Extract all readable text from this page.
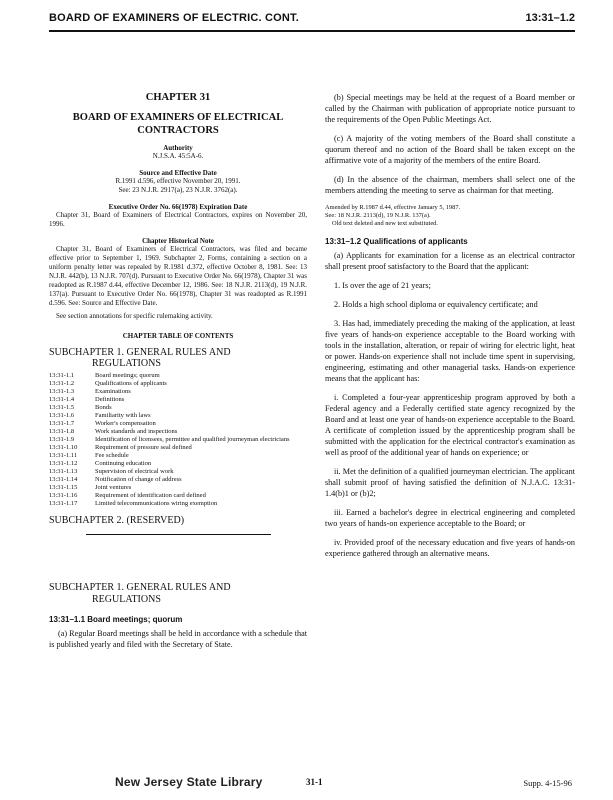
BOARD OF EXAMINERS OF ELECTRIC. CONT.	13:31–1.2

CHAPTER 31

BOARD OF EXAMINERS OF ELECTRICAL
CONTRACTORS

Authority

N.J.S.A. 45:5A-6.

Source and Effective Date

R.1991 d.596, effective November 20, 1991.

See: 23 N.J.R. 2917(a), 23 N.J.R. 3762(a).

Executive Order No. 66(1978) Expiration Date

Chapter 31, Board of Examiners of Electrical Contractors, expires on November 20, 1996.

Chapter Historical Note

Chapter 31, Board of Examiners of Electrical Contractors, was filed and became effective prior to September 1, 1969. Subchapter 2, Forms, containing a section on a uniform penalty letter was repealed by R.1981 d.372, effective October 8, 1981. See: 13 N.J.R. 442(b), 13 N.J.R. 707(d). Pursuant to Executive Order No. 66(1978), Chapter 31 was readopted as R.1987 d.44, effective December 12, 1986. See: 18 N.J.R. 2113(d), 19 N.J.R. 137(a). Pursuant to Executive Order No. 66(1978), Chapter 31 was readopted as R.1991 d.596. See: Source and Effective Date.

See section annotations for specific rulemaking activity.

CHAPTER TABLE OF CONTENTS

SUBCHAPTER 1. GENERAL RULES AND
REGULATIONS

13:31-1.1	Board meetings; quorum
13:31-1.2	Qualifications of applicants
13:31-1.3	Examinations
13:31-1.4	Definitions
13:31-1.5	Bonds
13:31-1.6	Familiarity with laws
13:31-1.7	Worker's compensation
13:31-1.8	Work standards and inspections
13:31-1.9	Identification of licensees, permittee and qualified journeyman electricians
13:31-1.10	Requirement of pressure seal defined
13:31-1.11	Fee schedule
13:31-1.12	Continuing education
13:31-1.13	Supervision of electrical work
13:31-1.14	Notification of change of address
13:31-1.15	Joint ventures
13:31-1.16	Requirement of identification card defined
13:31-1.17	Limited telecommunications wiring exemption

SUBCHAPTER 2. (RESERVED)

SUBCHAPTER 1. GENERAL RULES AND
REGULATIONS

13:31–1.1 Board meetings; quorum

(a) Regular Board meetings shall be held in accordance with a schedule that is published yearly and filed with the Secretary of State.

(b) Special meetings may be held at the request of a Board member or called by the Chairman with publication of appropriate notice pursuant to the requirements of the Open Public Meetings Act.

(c) A majority of the voting members of the Board shall constitute a quorum thereof and no action of the Board shall be taken except on the affirmative vote of a majority of the members of the entire Board.

(d) In the absence of the chairman, members shall select one of the members attending the meeting to serve as chairman for that meeting.

Amended by R.1987 d.44, effective January 5, 1987.
See: 18 N.J.R. 2113(d), 19 N.J.R. 137(a).
Old text deleted and new text substituted.

13:31–1.2 Qualifications of applicants

(a) Applicants for examination for a license as an electrical contractor shall present proof satisfactory to the Board that the applicant:

1. Is over the age of 21 years;

2. Holds a high school diploma or equivalency certificate; and

3. Has had, immediately preceding the making of the application, at least five years of hands-on experience acceptable to the Board working with tools in the installation, alteration, or repair of wiring for electric light, heat or power. Hands-on experience shall not include time spent in supervising, engineering, estimating and other managerial tasks. Hands-on experience means that the applicant has:

i. Completed a four-year apprenticeship program approved by both a Federal agency and a Federally certified state agency recognized by the Board and at least one year of hands-on experience acceptable to the Board. A certificate of completion issued by the apprenticeship program shall be submitted with the application for the electrical contractor's examination as well as proof of the additional year of hands on experience; or

ii. Met the definition of a qualified journeyman electrician. The applicant shall submit proof of having satisfied the definition of N.J.A.C. 13:31-1.4(b)1 or (b)2;

iii. Earned a bachelor's degree in electrical engineering and completed two years of hands-on experience acceptable to the Board; or

iv. Provided proof of the necessary education and five years of hands-on experience gathered through an alternative means.

New Jersey State Library	31-1	Supp. 4-15-96
